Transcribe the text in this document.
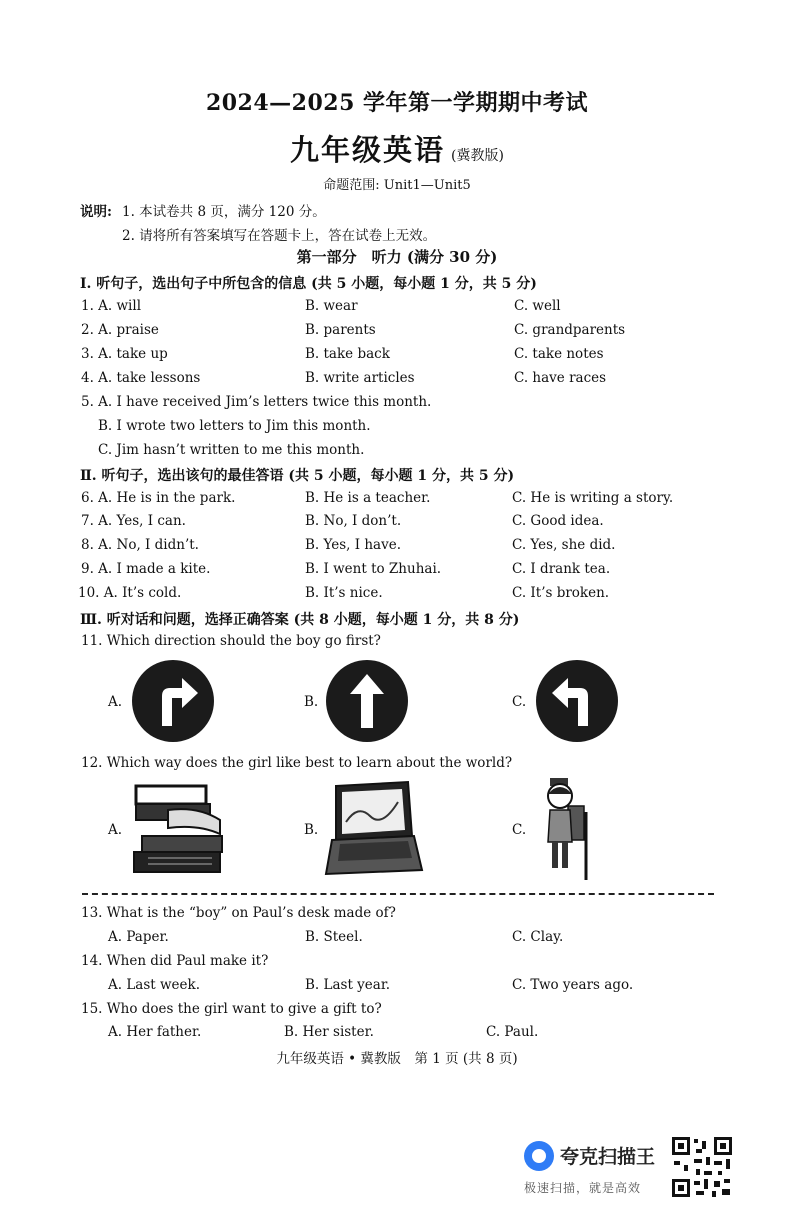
2024—2025 学年第一学期期中考试
九年级英语 (冀教版)
命题范围: Unit1—Unit5
说明: 1. 本试卷共 8 页，满分 120 分。
2. 请将所有答案填写在答题卡上，答在试卷上无效。
第一部分　听力 (满分 30 分)
Ⅰ. 听句子，选出句子中所包含的信息 (共 5 小题，每小题 1 分，共 5 分)
1. A. will	B. wear	C. well
2. A. praise	B. parents	C. grandparents
3. A. take up	B. take back	C. take notes
4. A. take lessons	B. write articles	C. have races
5. A. I have received Jim’s letters twice this month.
B. I wrote two letters to Jim this month.
C. Jim hasn’t written to me this month.
Ⅱ. 听句子，选出该句的最佳答语 (共 5 小题，每小题 1 分，共 5 分)
6. A. He is in the park.	B. He is a teacher.	C. He is writing a story.
7. A. Yes, I can.	B. No, I don’t.	C. Good idea.
8. A. No, I didn’t.	B. Yes, I have.	C. Yes, she did.
9. A. I made a kite.	B. I went to Zhuhai.	C. I drank tea.
10. A. It’s cold.	B. It’s nice.	C. It’s broken.
Ⅲ. 听对话和问题，选择正确答案 (共 8 小题，每小题 1 分，共 8 分)
11. Which direction should the boy go first?
A.	B.	C.
12. Which way does the girl like best to learn about the world?
A.	B.	C.
13. What is the “boy” on Paul’s desk made of?
A. Paper.	B. Steel.	C. Clay.
14. When did Paul make it?
A. Last week.	B. Last year.	C. Two years ago.
15. Who does the girl want to give a gift to?
A. Her father.	B. Her sister.	C. Paul.
九年级英语 • 冀教版　第 1 页 (共 8 页)
夸克扫描王
极速扫描，就是高效
